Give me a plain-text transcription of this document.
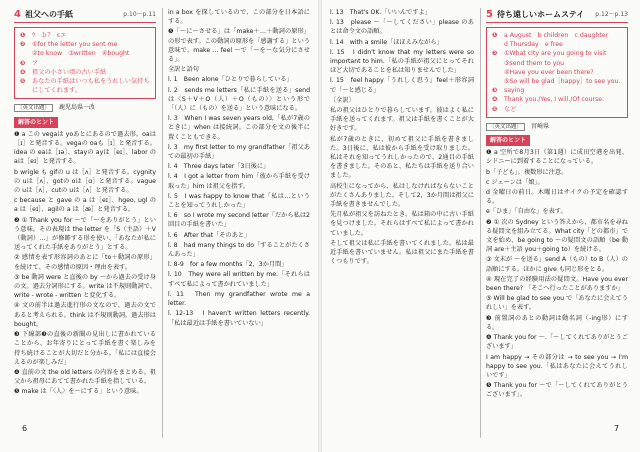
4 祖父への手紙	p.10～p.11
❶	ｳ　ｂｱ　cエ
❷	①for the letter you sent me
②to know　③written　④bought
❸	ア
❹	祖父の小さい頃の古い手紙
❺	あなたの手紙はいつも私をうれしい気持ちにしてくれます。
〔英文出題〕 鹿児島県一改
解答のヒント

❶ a この vegaは yoあとにあるので過去形。oaは［ɪ］と発音する。vegaの oaも［ɪ］と発音する。idea の eaは［ɪə］、stayの ayは［eɪ］、labor の aは［eɪ］と発音する。

b wrigle も gifの u は［ʌ］と発音する。cygnity の uは［ʌ］、gotの oは［ɑ］と発音する。vagueの uは［ʌ］、cutの uは［ʌ］と発音する。

c because と gave の a は［eɪ］、hgeo, ugl の a は［eɪ］、agilの a は［æ］と発音する。

❷ ① Thank you for ～で「～をありがとう」という意味。その表現は the letter を「S（主語）＋V（動詞）…」が修飾する形を使い、「あなたが私に送ってくれた手紙をありがとう」とする。

② 感情を表す形容詞のあとに「to＋動詞の原形」を続けて、その感情の原因・理由を表す。

③ be 動詞 were と直後の by ～から過去の受け身の文。過去分詞形にする。write は不規則動詞で、write - wrote - written と変化する。

④ 文の前半は過去進行形の文なので、過去の文であると考えられる。think は不規則動詞。過去形は bought。

❸ 下線部❸の直後の新聞の見出しに書かれていることから、お年寄りにとって手紙を書く楽しみを持ち続けることが大切だと分かる。「私には直接会えるのが楽しみだ」

❹ 直前の文 the old letters の内容をまとめる。祖父から祖母にあてて書かれた手紙を指している。

❺ make は「〈人〉を～にする」という意味。

in a box を探しているので、この部分を日本語にする。

❺「～に～させる」は「make＋…＋動詞の原形」の形で表す。この動詞の原形を「感謝する」という意味で、make … feel ～で「～を～な気分にさせる」。

全訳と語句

l. 1　Been alone「ひとりで暮らしている」

l. 2　sends me letters「私に手紙を送る」send は〈S＋V＋O（人）＋O（もの）〉という形で「（人）に（もの）を送る」という意味になる。

l. 3　When I was seven years old,「私が7歳のときに」when は接続詞。この部分を文の後半に置くこともできる。

l. 3　my first letter to my grandfather「祖父あての最初の手紙」

l. 4　Three days later「3日後に」

l. 4　I got a letter from him「彼から手紙を受け取った」him は祖父を指す。

l. 5　I was happy to know that「私は…ということを知ってうれしかった」

l. 6　so I wrote my second letter「だから私は2回目の手紙を書いた」

l. 6　After that「そのあと」

l. 8　had many things to do「することがたくさんあった」

l. 8-9　for a few months「2，3か月間」

l. 10　They were all written by me.「それらはすべて私によって書かれていました」

l. 11　Then my grandfather wrote me a letter.

l. 12-13　I haven't written letters recently.「私は最近は手紙を書いていない」

6

l. 13　That's OK.「いいんですよ」

l. 13　please ～「～してください」please のあとは命令文の語順。

l. 14　with a smile「ほほえみながら」

l. 15　I didn't know that my letters were so important to him.「私の手紙が祖父にとってそれほど大切であることを私は知りませんでした」

l. 15　feel happy「うれしく思う」feel＋形容詞で「～と感じる」

〔全訳〕

私の祖父はひとりで暮らしています。彼はよく私に手紙を送ってくれます。祖父は手紙を書くことが大好きです。

私が7歳のときに、初めて祖父に手紙を書きました。3日後に、私は彼から手紙を受け取りました。私はそれを知ってうれしかったので、2通目の手紙を書きました。そのあと、私たちは手紙を送り合いました。

高校生になってから、私はしなければならないことがたくさんありました。そして2，3か月間は祖父に手紙を書きませんでした。

先月私が祖父を訪ねたとき、私は箱の中に古い手紙を見つけました。それらはすべて私によって書かれていました。

そして祖父は私に手紙を書いてくれました。私は最近手紙を書いていません。私は祖父にまた手紙を書くつもりです。

5 待ち遠しいホームステイ p.12～p.13
❶	a August　b children　c daughter
d Thursday　e free
❷	①What city are you going to visit
③send them to you
④Have you ever been there?
⑤So will be glad［happy］to see you.
❸	saying
❹	Thank you./Yes, I will./Of course.
❺	など
〔英文出題〕 宮崎県
解答のヒント

❶ a 空所で8月3日（第1週）に成田空港を出発、シドニーに到着することになっている。

b「子ども」。複数形に注意。

c ジェーンは「娘」。

d 金曜日の前日。木曜日はサイクの予定を確認する。

e「ひま」「自由な」を表す。

❷ ① 次の Sydney という答えから、都市名を尋ねる疑問文を組み立てる。What city「どの都市」で文を始め、be going to ～の疑問文の語順（be 動詞 are＋主語 you＋going to）を続ける。

③ 文末が ～を送る」send A（もの）to B（人）の語順にする。ほかに give も同じ形をとる。

④ 現在完了の経験用法の疑問文。Have you ever been there? 「そこへ行ったことがありますか」

⑤ Will be glad to see you で「あなたに会えてうれしい」を表す。

❸ 前置詞のあとの動詞は動名詞（-ing形）にする。

❹ Thank you for ～.「～してくれてありがとうございます」

I am happy → その部分は → to see you → I'm happy to see you.「私はあなたに会えてうれしいです」

❺ Thank you for ～で「～してくれてありがとうございます」。

7
